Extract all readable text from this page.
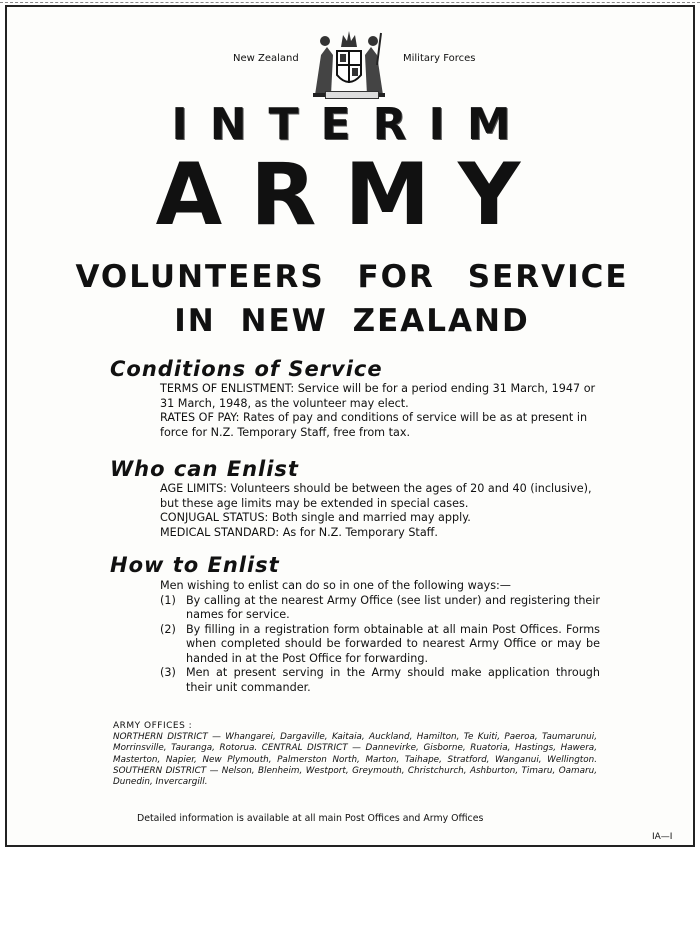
New Zealand	Military Forces
INTERIM
ARMY
VOLUNTEERS FOR SERVICE
IN NEW ZEALAND
Conditions of Service

TERMS OF ENLISTMENT: Service will be for a period ending 31 March, 1947 or 31 March, 1948, as the volunteer may elect.

RATES OF PAY: Rates of pay and conditions of service will be as at present in force for N.Z. Temporary Staff, free from tax.

Who can Enlist

AGE LIMITS: Volunteers should be between the ages of 20 and 40 (inclusive), but these age limits may be extended in special cases.

CONJUGAL STATUS: Both single and married may apply.

MEDICAL STANDARD: As for N.Z. Temporary Staff.

How to Enlist

Men wishing to enlist can do so in one of the following ways:—

(1) By calling at the nearest Army Office (see list under) and registering their names for service.
(2) By filling in a registration form obtainable at all main Post Offices. Forms when completed should be forwarded to nearest Army Office or may be handed in at the Post Office for forwarding.
(3) Men at present serving in the Army should make application through their unit commander.
ARMY OFFICES :

NORTHERN DISTRICT — Whangarei, Dargaville, Kaitaia, Auckland, Hamilton, Te Kuiti, Paeroa, Taumarunui, Morrinsville, Tauranga, Rotorua. CENTRAL DISTRICT — Dannevirke, Gisborne, Ruatoria, Hastings, Hawera, Masterton, Napier, New Plymouth, Palmerston North, Marton, Taihape, Stratford, Wanganui, Wellington. SOUTHERN DISTRICT — Nelson, Blenheim, Westport, Greymouth, Christchurch, Ashburton, Timaru, Oamaru, Dunedin, Invercargill.

Detailed information is available at all main Post Offices and Army Offices
IA—I
